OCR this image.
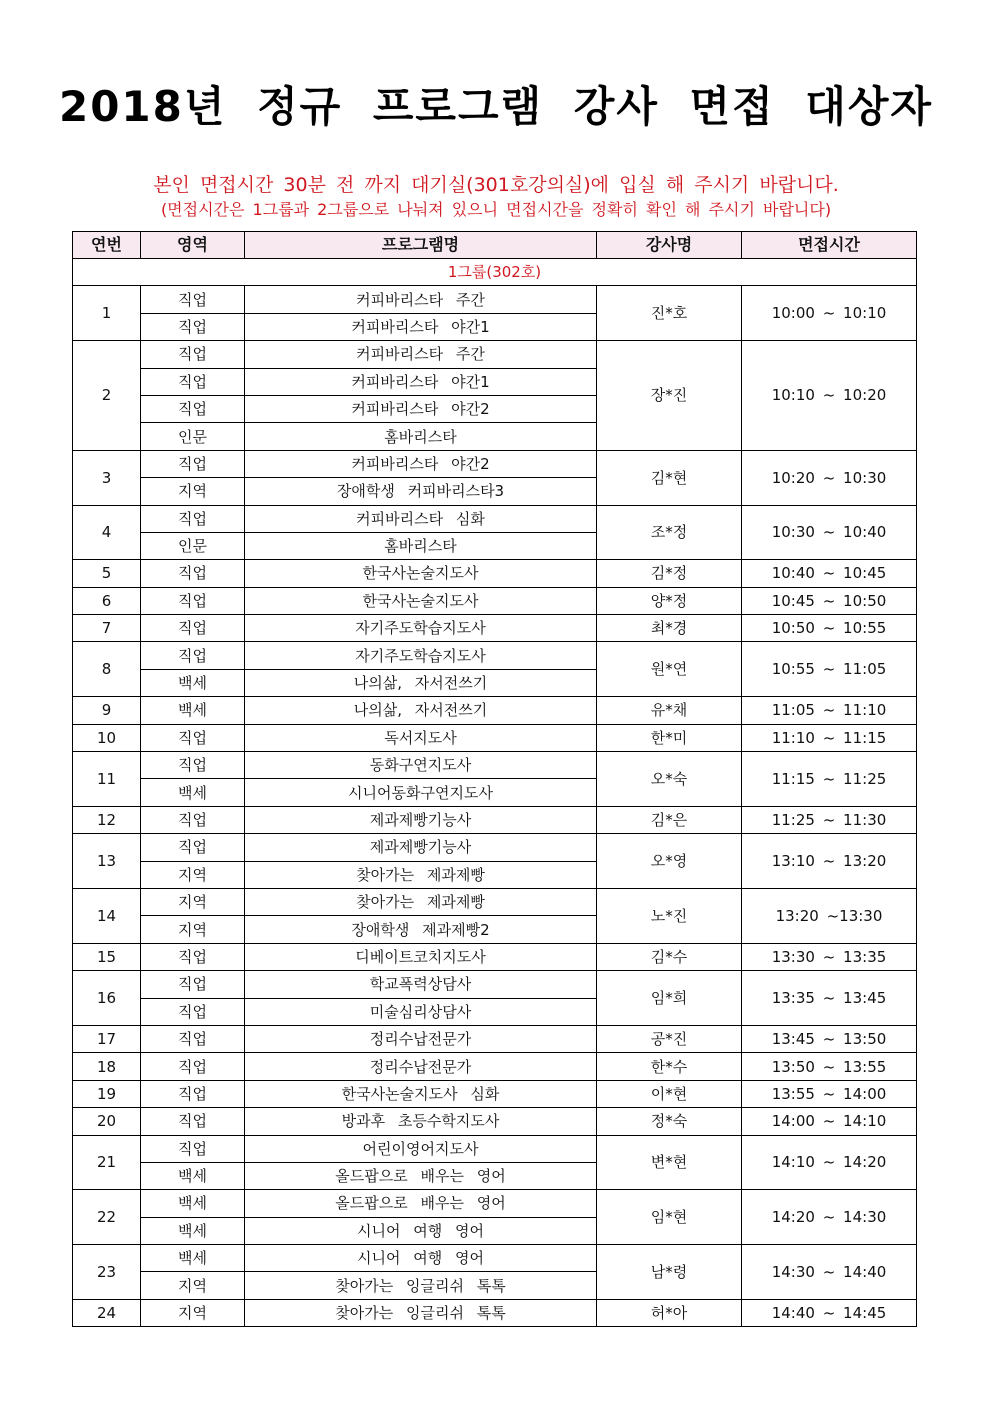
2018년 정규 프로그램 강사 면접 대상자
본인 면접시간 30분 전 까지 대기실(301호강의실)에 입실 해 주시기 바랍니다.
(면접시간은 1그룹과 2그룹으로 나눠져 있으니 면접시간을 정확히 확인 해 주시기 바랍니다)
연번	영역	프로그램명	강사명	면접시간
1그룹(302호)				
1	직업	커피바리스타 주간	진*호	10:00 ~ 10:10
	직업	커피바리스타 야간1		
2	직업	커피바리스타 주간	장*진	10:10 ~ 10:20
	직업	커피바리스타 야간1		
	직업	커피바리스타 야간2		
	인문	홈바리스타		
3	직업	커피바리스타 야간2	김*현	10:20 ~ 10:30
	지역	장애학생 커피바리스타3		
4	직업	커피바리스타 심화	조*정	10:30 ~ 10:40
	인문	홈바리스타		
5	직업	한국사논술지도사	김*정	10:40 ~ 10:45
6	직업	한국사논술지도사	양*정	10:45 ~ 10:50
7	직업	자기주도학습지도사	최*경	10:50 ~ 10:55
8	직업	자기주도학습지도사	원*연	10:55 ~ 11:05
	백세	나의삶, 자서전쓰기		
9	백세	나의삶, 자서전쓰기	유*채	11:05 ~ 11:10
10	직업	독서지도사	한*미	11:10 ~ 11:15
11	직업	동화구연지도사	오*숙	11:15 ~ 11:25
	백세	시니어동화구연지도사		
12	직업	제과제빵기능사	김*은	11:25 ~ 11:30
13	직업	제과제빵기능사	오*영	13:10 ~ 13:20
	지역	찾아가는 제과제빵		
14	지역	찾아가는 제과제빵	노*진	13:20 ~13:30
	지역	장애학생 제과제빵2		
15	직업	디베이트코치지도사	김*수	13:30 ~ 13:35
16	직업	학교폭력상담사	임*희	13:35 ~ 13:45
	직업	미술심리상담사		
17	직업	정리수납전문가	공*진	13:45 ~ 13:50
18	직업	정리수납전문가	한*수	13:50 ~ 13:55
19	직업	한국사논술지도사 심화	이*현	13:55 ~ 14:00
20	직업	방과후 초등수학지도사	정*숙	14:00 ~ 14:10
21	직업	어린이영어지도사	변*현	14:10 ~ 14:20
	백세	올드팝으로 배우는 영어		
22	백세	올드팝으로 배우는 영어	임*현	14:20 ~ 14:30
	백세	시니어 여행 영어		
23	백세	시니어 여행 영어	남*령	14:30 ~ 14:40
	지역	찾아가는 잉글리쉬 톡톡		
24	지역	찾아가는 잉글리쉬 톡톡	허*아	14:40 ~ 14:45
